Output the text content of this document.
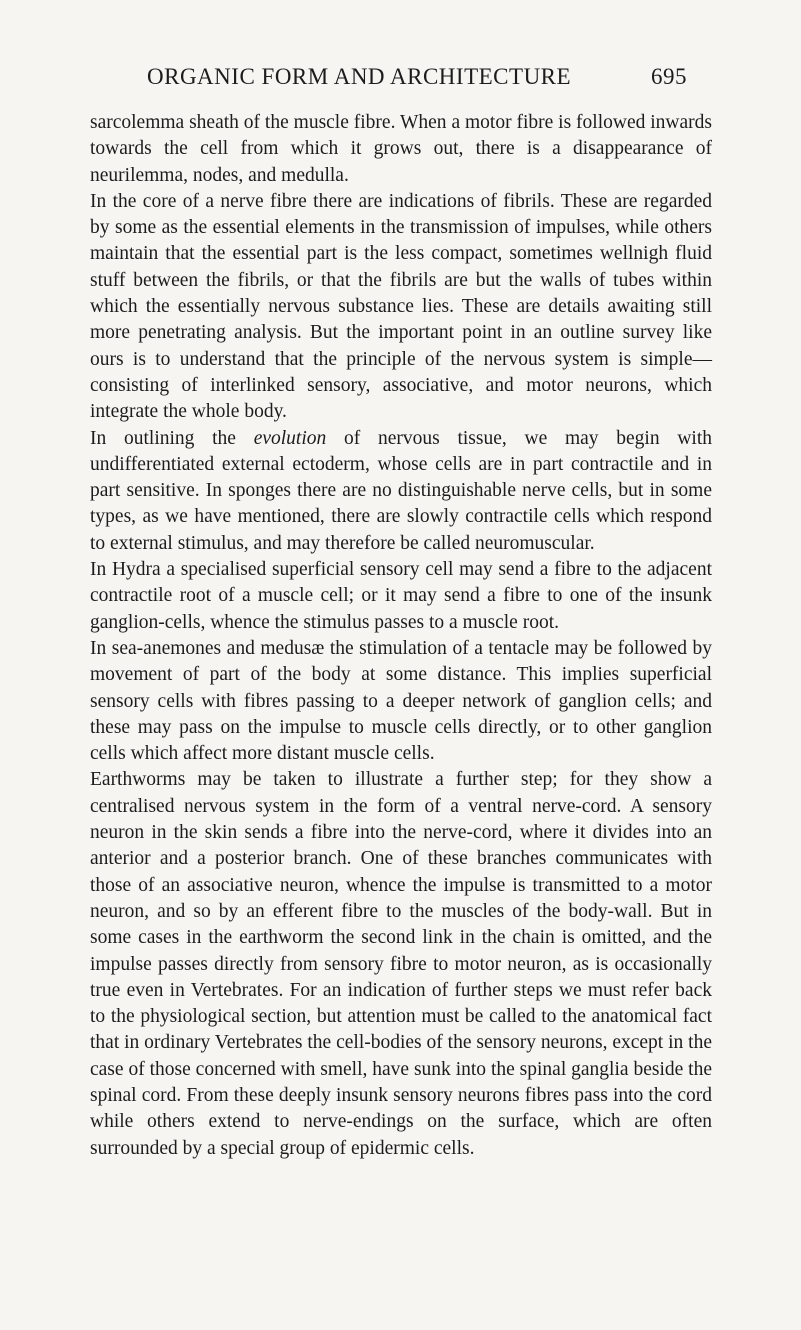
ORGANIC FORM AND ARCHITECTURE	695

sarcolemma sheath of the muscle fibre. When a motor fibre is followed inwards towards the cell from which it grows out, there is a disappearance of neurilemma, nodes, and medulla.

In the core of a nerve fibre there are indications of fibrils. These are regarded by some as the essential elements in the transmission of impulses, while others maintain that the essential part is the less compact, sometimes wellnigh fluid stuff between the fibrils, or that the fibrils are but the walls of tubes within which the essentially nervous substance lies. These are details awaiting still more penetrating analysis. But the important point in an outline survey like ours is to understand that the principle of the nervous system is simple—consisting of interlinked sensory, associative, and motor neurons, which integrate the whole body.

In outlining the evolution of nervous tissue, we may begin with undifferentiated external ectoderm, whose cells are in part contractile and in part sensitive. In sponges there are no distinguishable nerve cells, but in some types, as we have mentioned, there are slowly contractile cells which respond to external stimulus, and may therefore be called neuromuscular.

In Hydra a specialised superficial sensory cell may send a fibre to the adjacent contractile root of a muscle cell; or it may send a fibre to one of the insunk ganglion-cells, whence the stimulus passes to a muscle root.

In sea-anemones and medusæ the stimulation of a tentacle may be followed by movement of part of the body at some distance. This implies superficial sensory cells with fibres passing to a deeper network of ganglion cells; and these may pass on the impulse to muscle cells directly, or to other ganglion cells which affect more distant muscle cells.

Earthworms may be taken to illustrate a further step; for they show a centralised nervous system in the form of a ventral nerve-cord. A sensory neuron in the skin sends a fibre into the nerve-cord, where it divides into an anterior and a posterior branch. One of these branches communicates with those of an associative neuron, whence the impulse is transmitted to a motor neuron, and so by an efferent fibre to the muscles of the body-wall. But in some cases in the earthworm the second link in the chain is omitted, and the impulse passes directly from sensory fibre to motor neuron, as is occasionally true even in Vertebrates. For an indication of further steps we must refer back to the physiological section, but attention must be called to the anatomical fact that in ordinary Vertebrates the cell-bodies of the sensory neurons, except in the case of those concerned with smell, have sunk into the spinal ganglia beside the spinal cord. From these deeply insunk sensory neurons fibres pass into the cord while others extend to nerve-endings on the surface, which are often surrounded by a special group of epidermic cells.
